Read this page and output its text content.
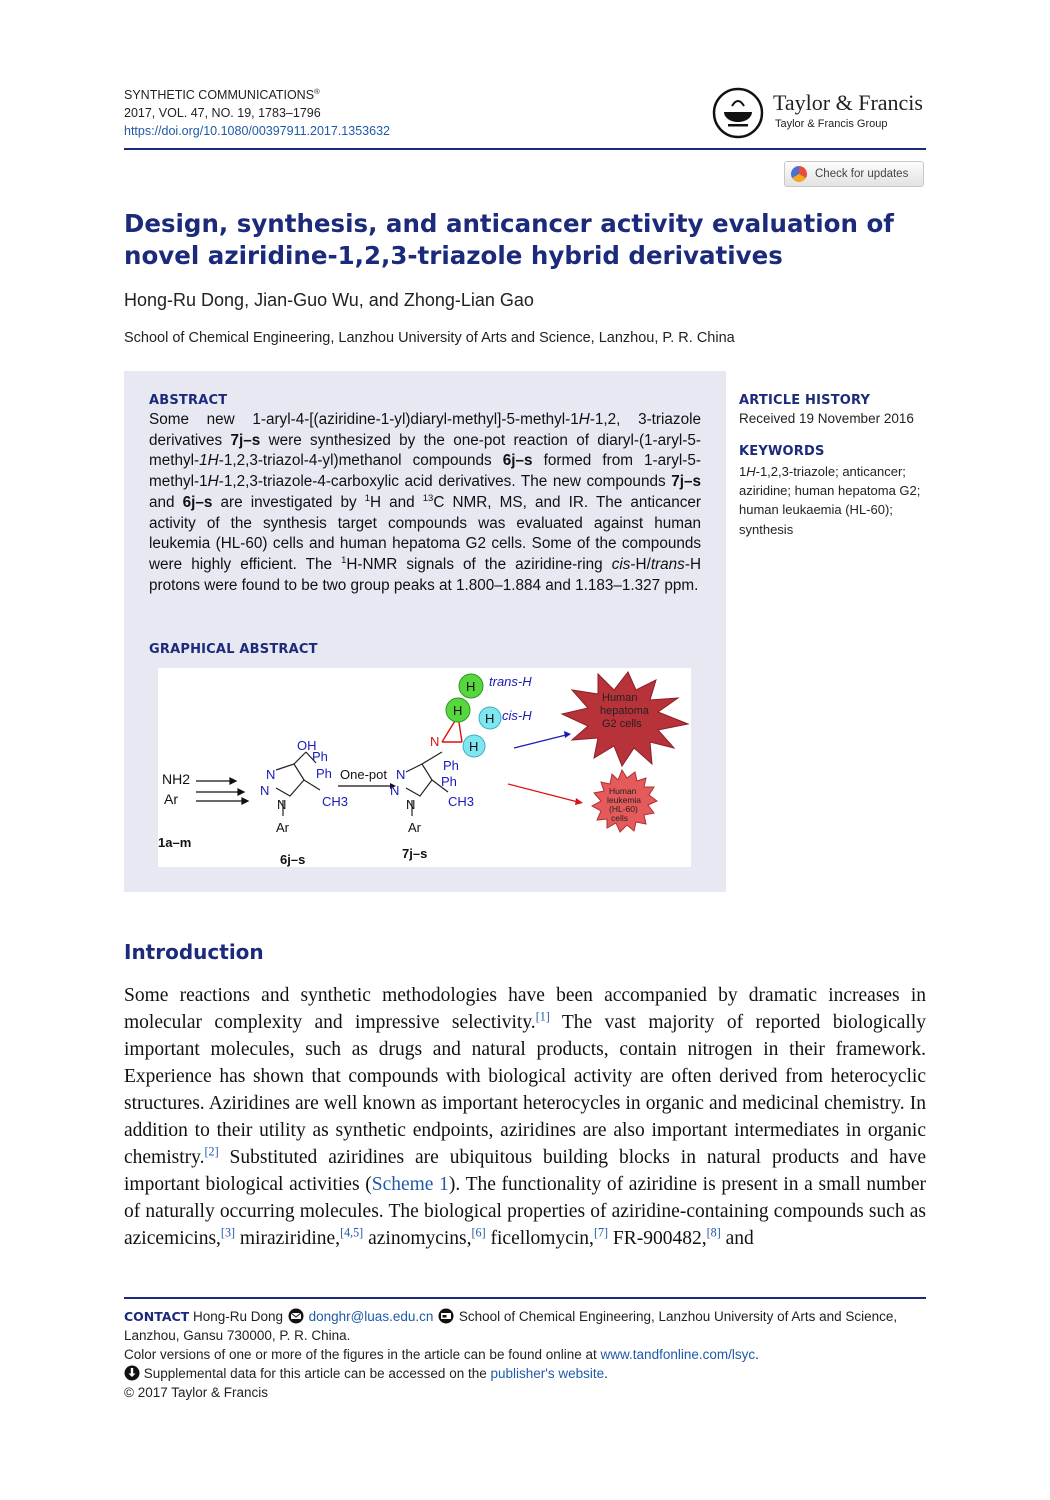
SYNTHETIC COMMUNICATIONS®
2017, VOL. 47, NO. 19, 1783–1796
https://doi.org/10.1080/00397911.2017.1353632
Taylor & Francis
Taylor & Francis Group
Check for updates
Design, synthesis, and anticancer activity evaluation of novel aziridine-1,2,3-triazole hybrid derivatives
Hong-Ru Dong, Jian-Guo Wu, and Zhong-Lian Gao
School of Chemical Engineering, Lanzhou University of Arts and Science, Lanzhou, P. R. China
ABSTRACT
Some new 1-aryl-4-[(aziridine-1-yl)diaryl-methyl]-5-methyl-1H-1,2, 3-triazole derivatives 7j–s were synthesized by the one-pot reaction of diaryl-(1-aryl-5-methyl-1H-1,2,3-triazol-4-yl)methanol compounds 6j–s formed from 1-aryl-5-methyl-1H-1,2,3-triazole-4-carboxylic acid derivatives. The new compounds 7j–s and 6j–s are investigated by $^1$H and $^{13}$C NMR, MS, and IR. The anticancer activity of the synthesis target compounds was evaluated against human leukemia (HL-60) cells and human hepatoma G2 cells. Some of the compounds were highly efficient. The $^1$H-NMR signals of the aziridine-ring cis-H/trans-H protons were found to be two group peaks at 1.800–1.884 and 1.183–1.327 ppm.
GRAPHICAL ABSTRACT
NH2
Ar
1a–m
OH
Ph
Ph
N
N
N	CH3
Ar
6j–s
One-pot
N
Ph
Ph
N
N
N	CH3
Ar
7j–s
H
H
H
H
trans-H
cis-H
Human hepatoma G2 cells
Human leukemia (HL-60) cells
ARTICLE HISTORY
Received 19 November 2016
KEYWORDS
1H-1,2,3-triazole; anticancer; aziridine; human hepatoma G2; human leukaemia (HL-60); synthesis
Introduction
Some reactions and synthetic methodologies have been accompanied by dramatic increases in molecular complexity and impressive selectivity.[1] The vast majority of reported biologically important molecules, such as drugs and natural products, contain nitrogen in their framework. Experience has shown that compounds with biological activity are often derived from heterocyclic structures. Aziridines are well known as important heterocycles in organic and medicinal chemistry. In addition to their utility as synthetic endpoints, aziridines are also important intermediates in organic chemistry.[2] Substituted aziridines are ubiquitous building blocks in natural products and have important biological activities (Scheme 1). The functionality of aziridine is present in a small number of naturally occurring molecules. The biological properties of aziridine-containing compounds such as azicemicins,[3] miraziridine,[4,5] azinomycins,[6] ficellomycin,[7] FR-900482,[8] and
CONTACT Hong-Ru Dong donghr@luas.edu.cn School of Chemical Engineering, Lanzhou University of Arts and Science, Lanzhou, Gansu 730000, P. R. China.
Color versions of one or more of the figures in the article can be found online at www.tandfonline.com/lsyc.
Supplemental data for this article can be accessed on the publisher's website.
© 2017 Taylor & Francis
